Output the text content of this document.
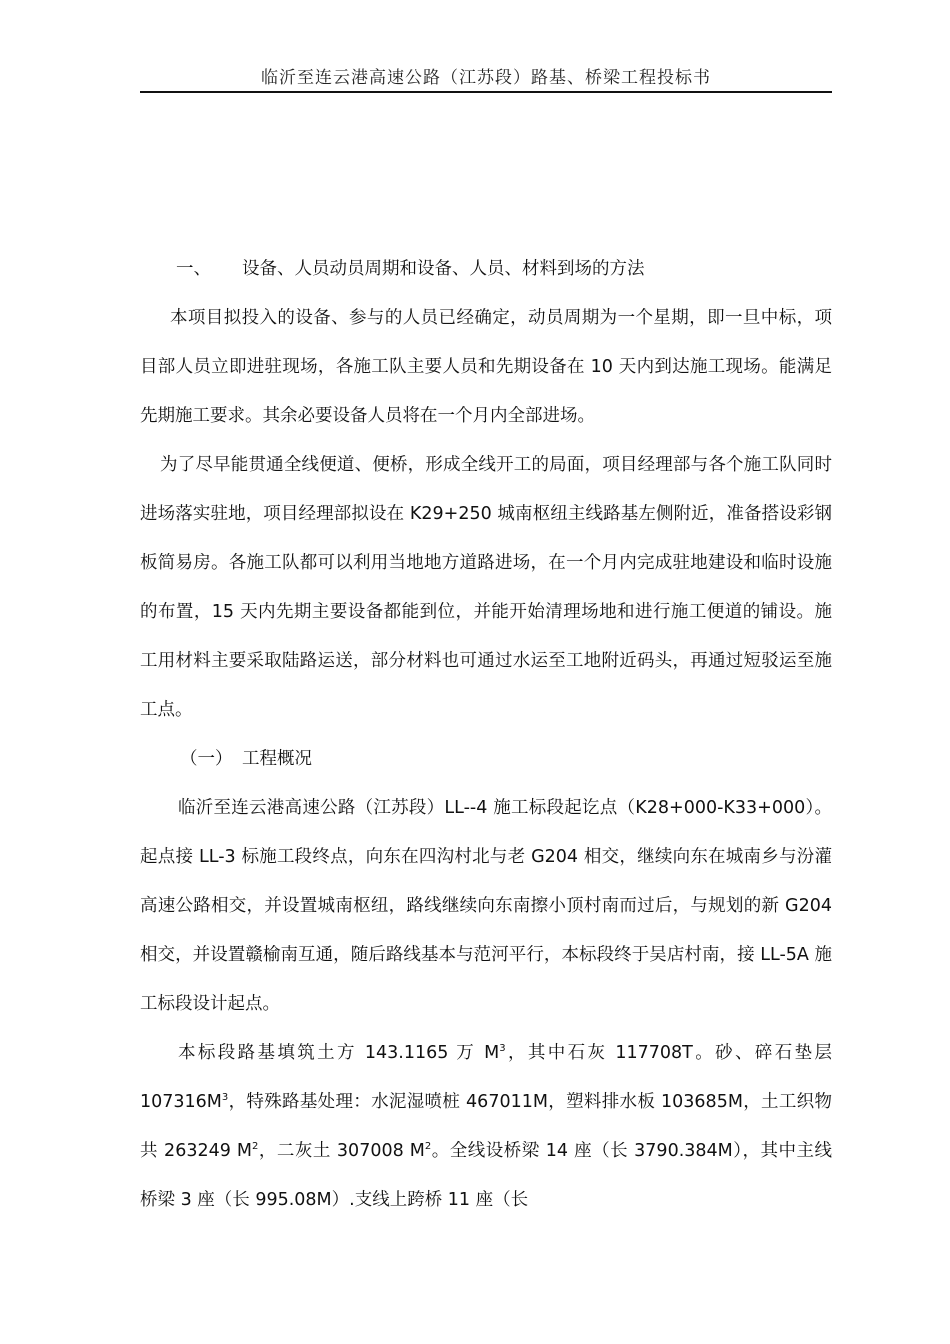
临沂至连云港高速公路（江苏段）路基、桥梁工程投标书

一、 设备、人员动员周期和设备、人员、材料到场的方法

本项目拟投入的设备、参与的人员已经确定，动员周期为一个星期，即一旦中标，项目部人员立即进驻现场，各施工队主要人员和先期设备在 10 天内到达施工现场。能满足先期施工要求。其余必要设备人员将在一个月内全部进场。

为了尽早能贯通全线便道、便桥，形成全线开工的局面，项目经理部与各个施工队同时进场落实驻地，项目经理部拟设在 K29+250 城南枢纽主线路基左侧附近，准备搭设彩钢板简易房。各施工队都可以利用当地地方道路进场，在一个月内完成驻地建设和临时设施的布置，15 天内先期主要设备都能到位，并能开始清理场地和进行施工便道的铺设。施工用材料主要采取陆路运送，部分材料也可通过水运至工地附近码头，再通过短驳运至施工点。

（一） 工程概况

临沂至连云港高速公路（江苏段）LL--4 施工标段起讫点（K28+000-K33+000）。起点接 LL-3 标施工段终点，向东在四沟村北与老 G204 相交，继续向东在城南乡与汾灌高速公路相交，并设置城南枢纽，路线继续向东南擦小顶村南而过后，与规划的新 G204 相交，并设置赣榆南互通，随后路线基本与范河平行，本标段终于吴店村南，接 LL-5A 施工标段设计起点。

本标段路基填筑土方 143.1165 万 $M^3$，其中石灰 117708T。砂、碎石垫层 $107316M^3$，特殊路基处理：水泥湿喷桩 467011M，塑料排水板 103685M，土工织物共 263249 $M^2$，二灰土 307008 $M^2$。全线设桥梁 14 座（长 3790.384M），其中主线桥梁 3 座（长 995.08M）.支线上跨桥 11 座（长
